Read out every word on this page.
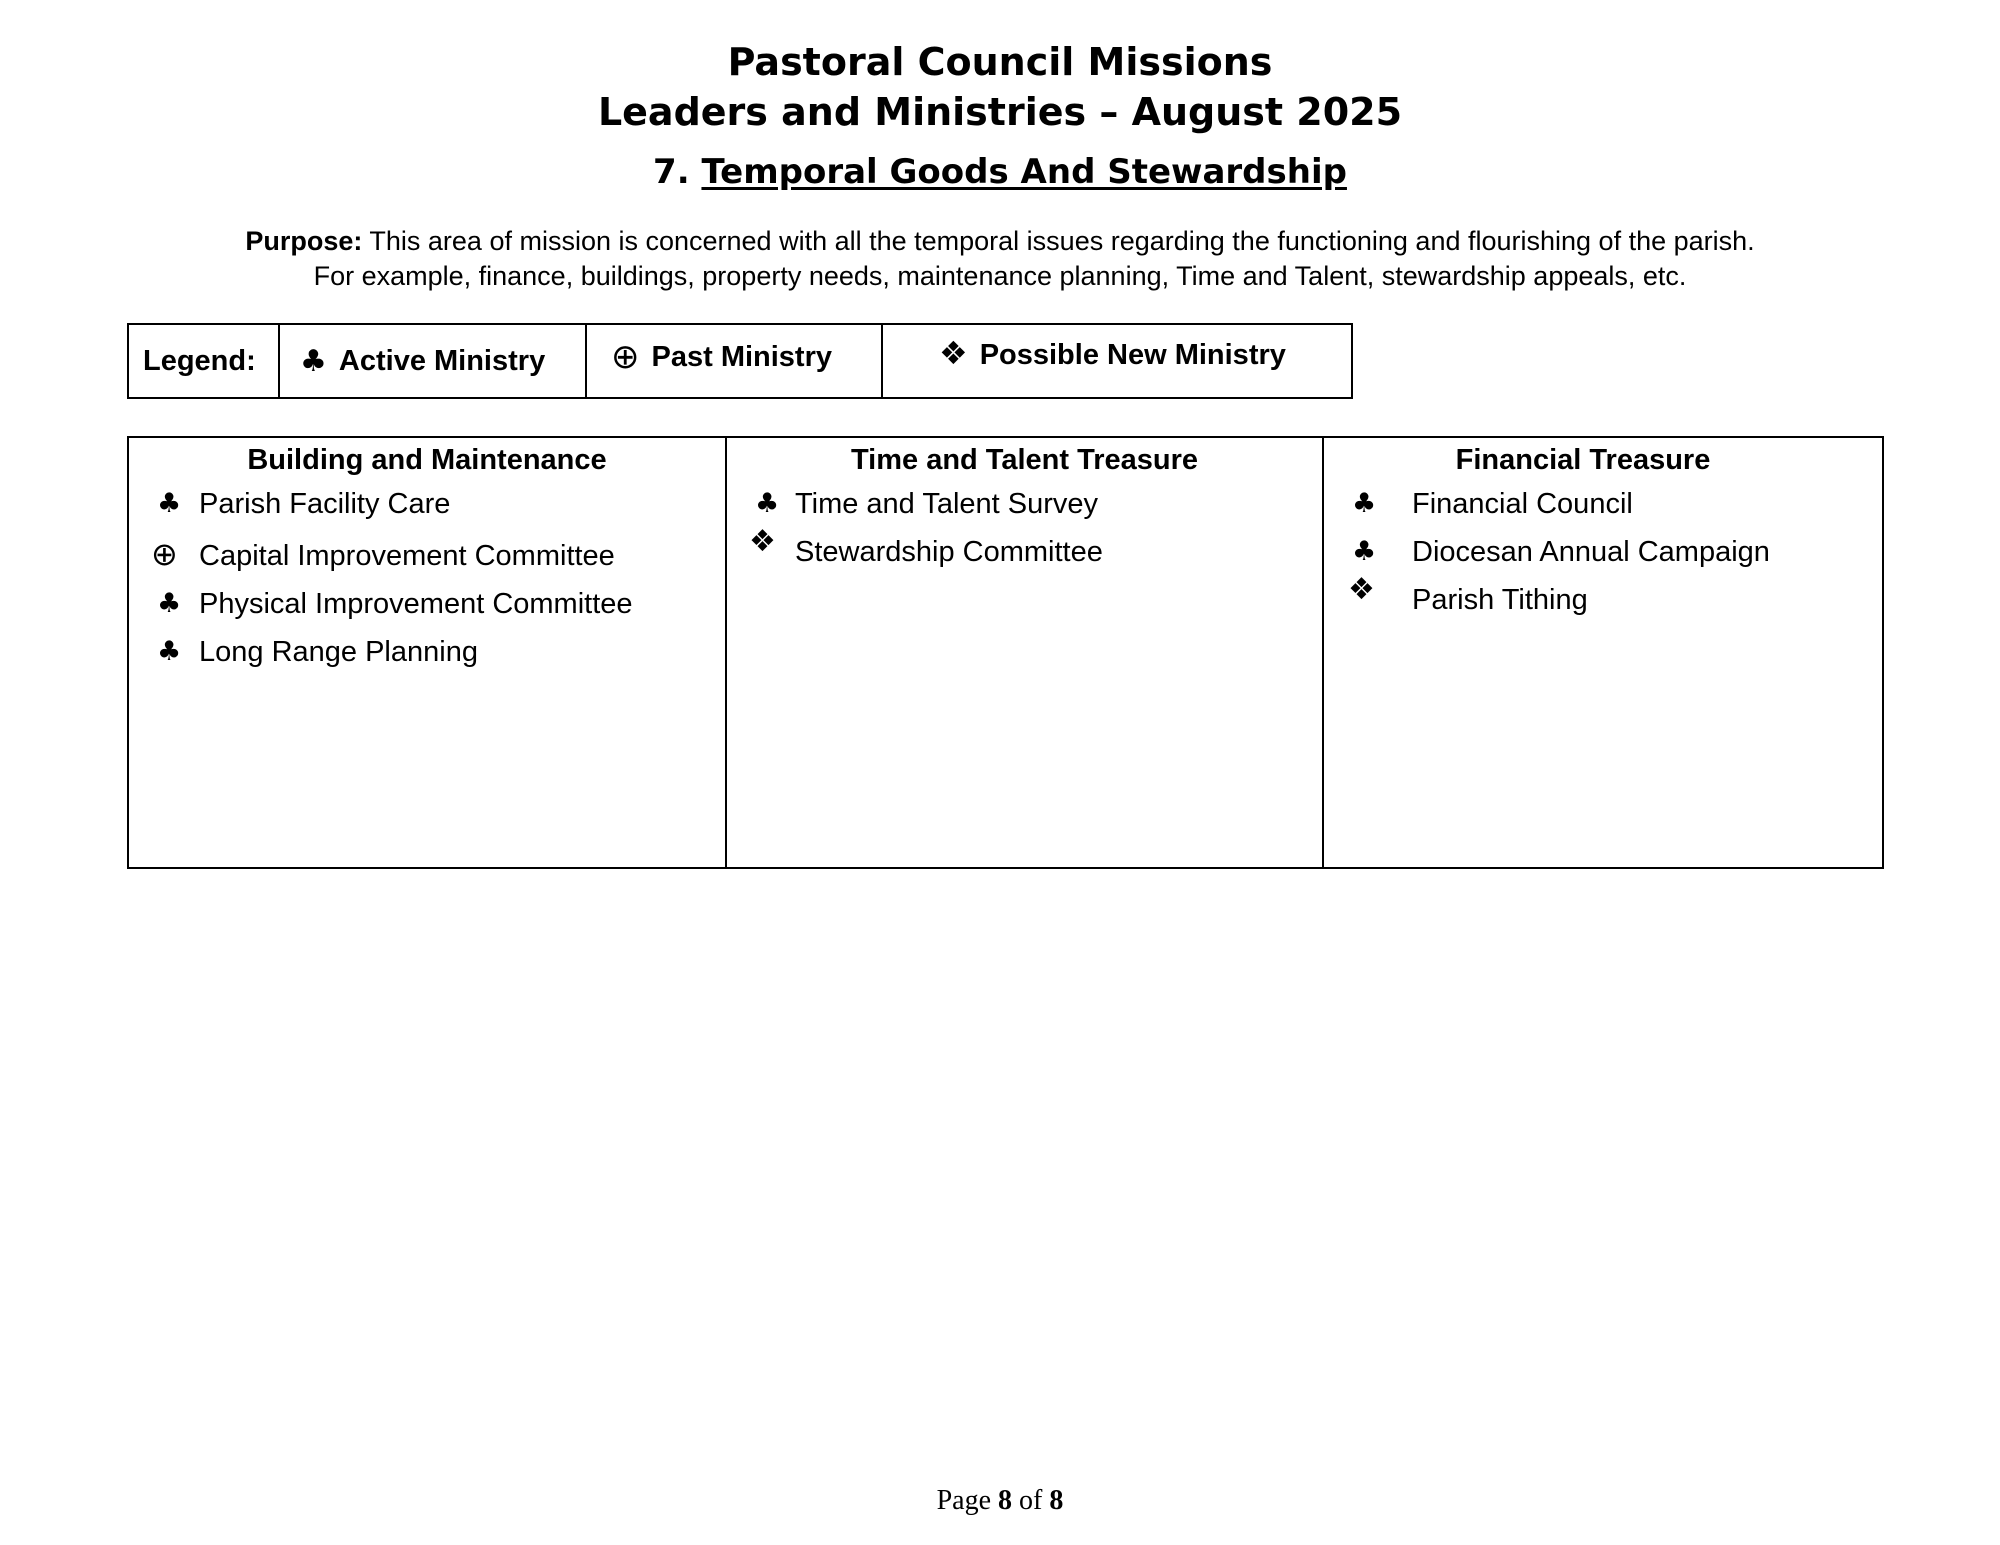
Pastoral Council Missions
Leaders and Ministries – August 2025
7. Temporal Goods And Stewardship
Purpose: This area of mission is concerned with all the temporal issues regarding the functioning and flourishing of the parish.
For example, finance, buildings, property needs, maintenance planning, Time and Talent, stewardship appeals, etc.
Legend:	♣ Active Ministry ⊕ Past Ministry	❖ Possible New Ministry
Building and Maintenance
♣ Parish Facility Care
⊕ Capital Improvement Committee
♣ Physical Improvement Committee
♣ Long Range Planning
Time and Talent Treasure
♣ Time and Talent Survey
❖ Stewardship Committee
Financial Treasure
♣ Financial Council
♣ Diocesan Annual Campaign
❖ Parish Tithing
Page 8 of 8
